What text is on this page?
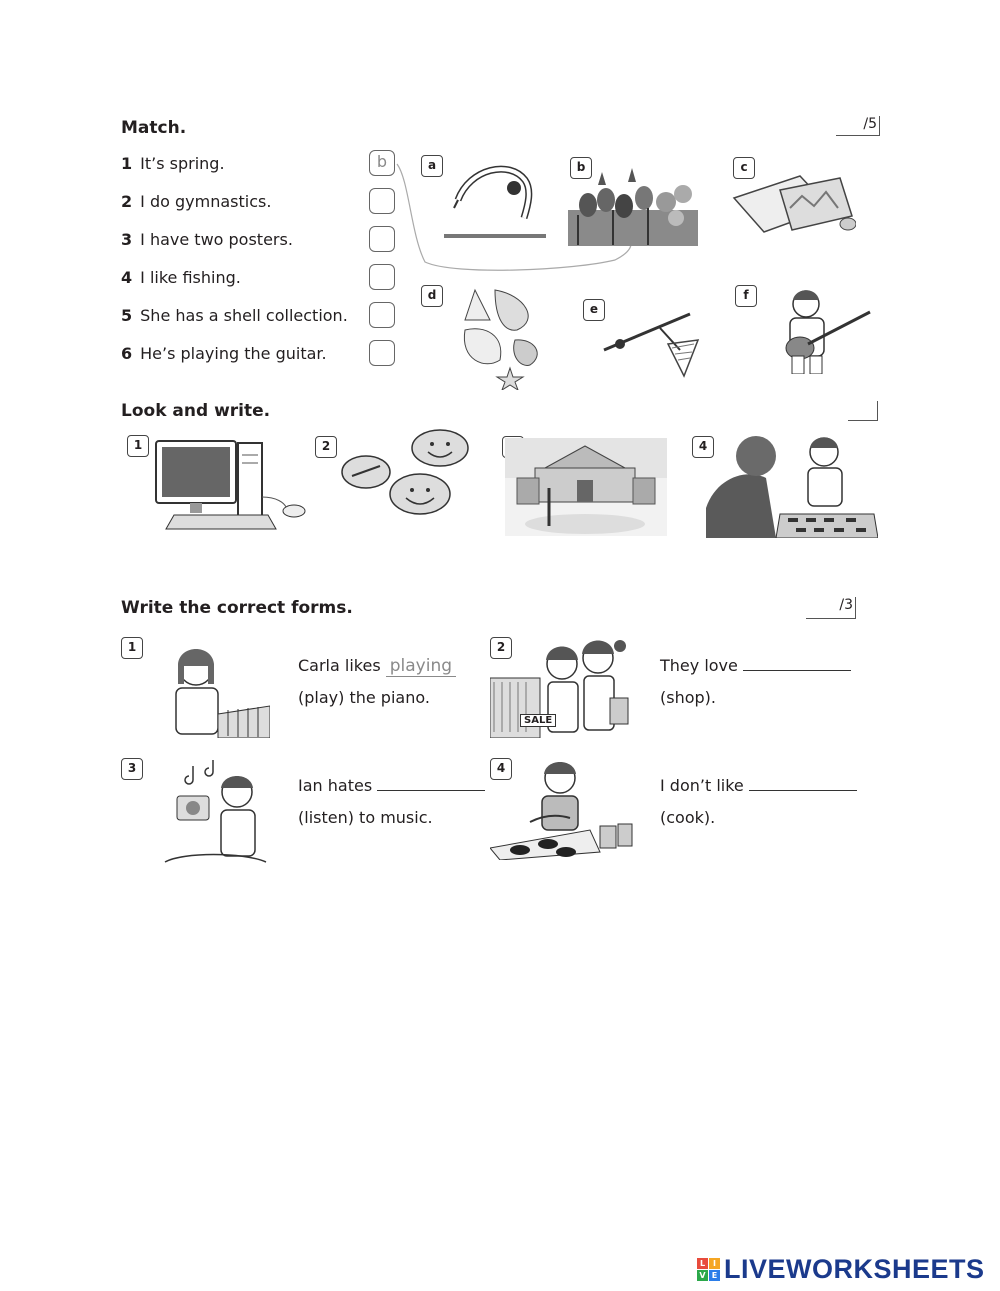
Match.	/5
1 It’s spring.
2 I do gymnastics.
3 I have two posters.
4 I like fishing.
5 She has a shell collection.
6 He’s playing the guitar.
b	a	b	c
d
e
f
Look and write.
1	2	4
Write the correct forms.	/3
1
Carla likes playing
(play) the piano.
2
SALE
They love
(shop).
3
Ian hates
(listen) to music.
4
I don’t like
(cook).
L I
V E LIVEWORKSHEETS
